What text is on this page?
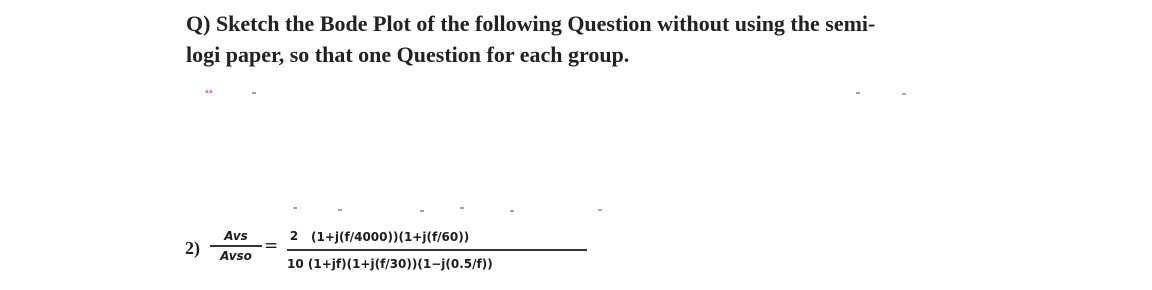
Q) Sketch the Bode Plot of the following Question without using the semi-
logi paper, so that one Question for each group.
▪▪
2)
Avs
Avso = 2 (1+j(f/4000))(1+j(f/60))
10 (1+jf)(1+j(f/30))(1−j(0.5/f))
